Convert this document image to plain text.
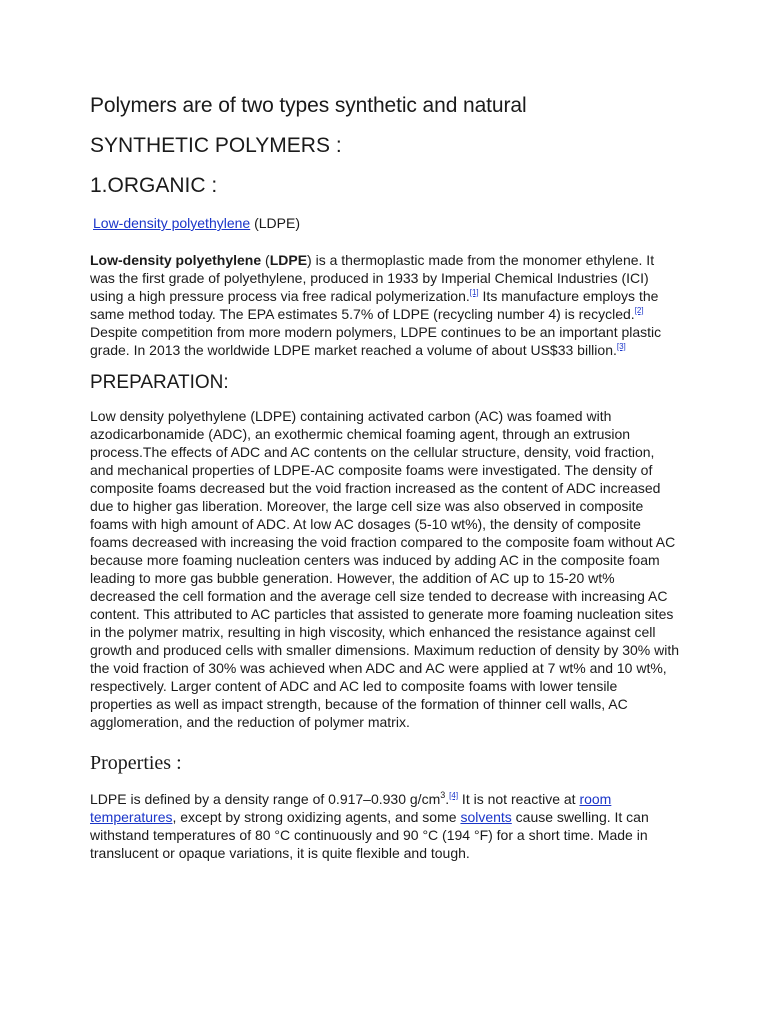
Polymers are of two types synthetic and natural
SYNTHETIC POLYMERS :
1.ORGANIC :

Low-density polyethylene (LDPE)

Low-density polyethylene (LDPE) is a thermoplastic made from the monomer ethylene. It was the first grade of polyethylene, produced in 1933 by Imperial Chemical Industries (ICI) using a high pressure process via free radical polymerization.[1] Its manufacture employs the same method today. The EPA estimates 5.7% of LDPE (recycling number 4) is recycled.[2] Despite competition from more modern polymers, LDPE continues to be an important plastic grade. In 2013 the worldwide LDPE market reached a volume of about US$33 billion.[3]

PREPARATION:

Low density polyethylene (LDPE) containing activated carbon (AC) was foamed with azodicarbonamide (ADC), an exothermic chemical foaming agent, through an extrusion process.The effects of ADC and AC contents on the cellular structure, density, void fraction, and mechanical properties of LDPE-AC composite foams were investigated. The density of composite foams decreased but the void fraction increased as the content of ADC increased due to higher gas liberation. Moreover, the large cell size was also observed in composite foams with high amount of ADC. At low AC dosages (5-10 wt%), the density of composite foams decreased with increasing the void fraction compared to the composite foam without AC because more foaming nucleation centers was induced by adding AC in the composite foam leading to more gas bubble generation. However, the addition of AC up to 15-20 wt% decreased the cell formation and the average cell size tended to decrease with increasing AC content. This attributed to AC particles that assisted to generate more foaming nucleation sites in the polymer matrix, resulting in high viscosity, which enhanced the resistance against cell growth and produced cells with smaller dimensions. Maximum reduction of density by 30% with the void fraction of 30% was achieved when ADC and AC were applied at 7 wt% and 10 wt%, respectively. Larger content of ADC and AC led to composite foams with lower tensile properties as well as impact strength, because of the formation of thinner cell walls, AC agglomeration, and the reduction of polymer matrix.

Properties :

LDPE is defined by a density range of 0.917–0.930 $g/cm^3.[4]$ It is not reactive at room temperatures, except by strong oxidizing agents, and some solvents cause swelling. It can withstand temperatures of 80 °C continuously and 90 °C (194 °F) for a short time. Made in translucent or opaque variations, it is quite flexible and tough.
